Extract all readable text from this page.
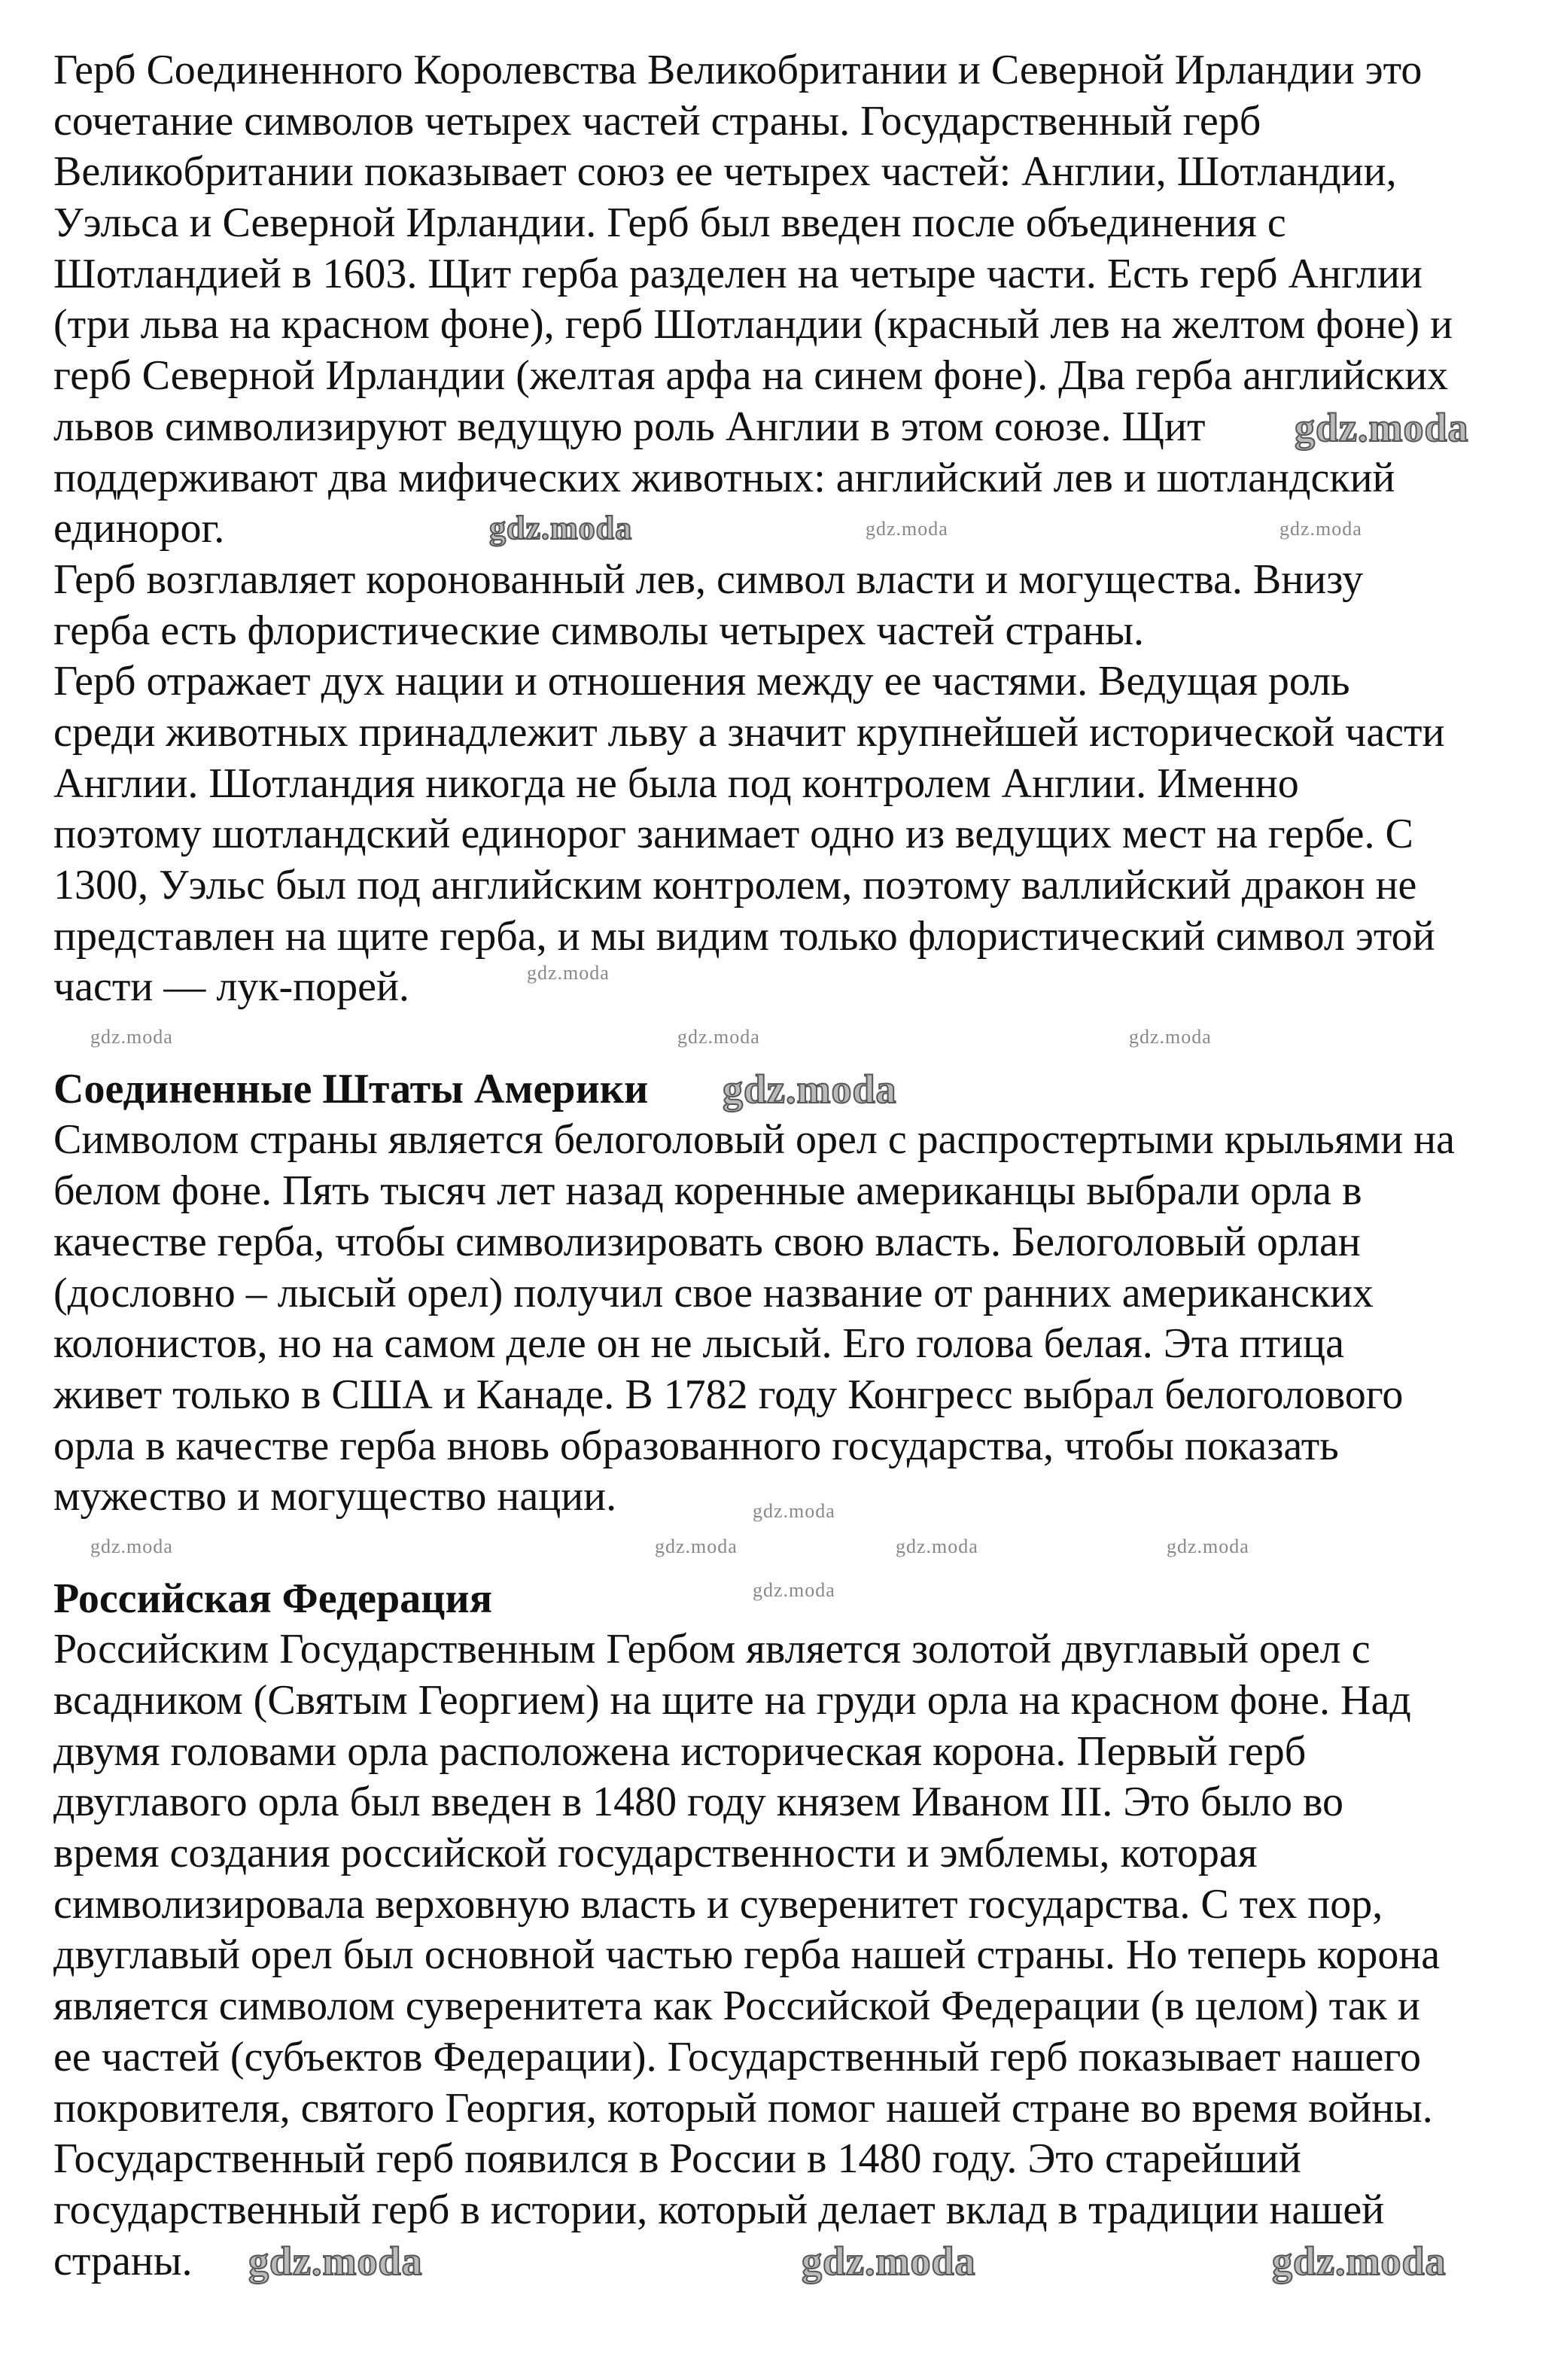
Герб Соединенного Королевства Великобритании и Северной Ирландии это
сочетание символов четырех частей страны. Государственный герб
Великобритании показывает союз ее четырех частей: Англии, Шотландии,
Уэльса и Северной Ирландии. Герб был введен после объединения с
Шотландией в 1603. Щит герба разделен на четыре части. Есть герб Англии
(три льва на красном фоне), герб Шотландии (красный лев на желтом фоне) и
герб Северной Ирландии (желтая арфа на синем фоне). Два герба английских
львов символизируют ведущую роль Англии в этом союзе. Щит
поддерживают два мифических животных: английский лев и шотландский
единорог.
Герб возглавляет коронованный лев, символ власти и могущества. Внизу
герба есть флористические символы четырех частей страны.
Герб отражает дух нации и отношения между ее частями. Ведущая роль
среди животных принадлежит льву а значит крупнейшей исторической части
Англии. Шотландия никогда не была под контролем Англии. Именно
поэтому шотландский единорог занимает одно из ведущих мест на гербе. С
1300, Уэльс был под английским контролем, поэтому валлийский дракон не
представлен на щите герба, и мы видим только флористический символ этой
части — лук-порей.
Соединенные Штаты Америки
Символом страны является белоголовый орел с распростертыми крыльями на
белом фоне. Пять тысяч лет назад коренные американцы выбрали орла в
качестве герба, чтобы символизировать свою власть. Белоголовый орлан
(дословно – лысый орел) получил свое название от ранних американских
колонистов, но на самом деле он не лысый. Его голова белая. Эта птица
живет только в США и Канаде. В 1782 году Конгресс выбрал белоголового
орла в качестве герба вновь образованного государства, чтобы показать
мужество и могущество нации.
Российская Федерация
Российским Государственным Гербом является золотой двуглавый орел с
всадником (Святым Георгием) на щите на груди орла на красном фоне. Над
двумя головами орла расположена историческая корона. Первый герб
двуглавого орла был введен в 1480 году князем Иваном III. Это было во
время создания российской государственности и эмблемы, которая
символизировала верховную власть и суверенитет государства. С тех пор,
двуглавый орел был основной частью герба нашей страны. Но теперь корона
является символом суверенитета как Российской Федерации (в целом) так и
ее частей (субъектов Федерации). Государственный герб показывает нашего
покровителя, святого Георгия, который помог нашей стране во время войны.
Государственный герб появился в России в 1480 году. Это старейший
государственный герб в истории, который делает вклад в традиции нашей
страны.
gdz.moda
gdz.moda	gdz.moda	gdz.moda
gdz.moda
gdz.moda	gdz.moda	gdz.moda
gdz.moda
gdz.moda
gdz.moda	gdz.moda	gdz.moda	gdz.moda
gdz.moda
gdz.moda	gdz.moda	gdz.moda
